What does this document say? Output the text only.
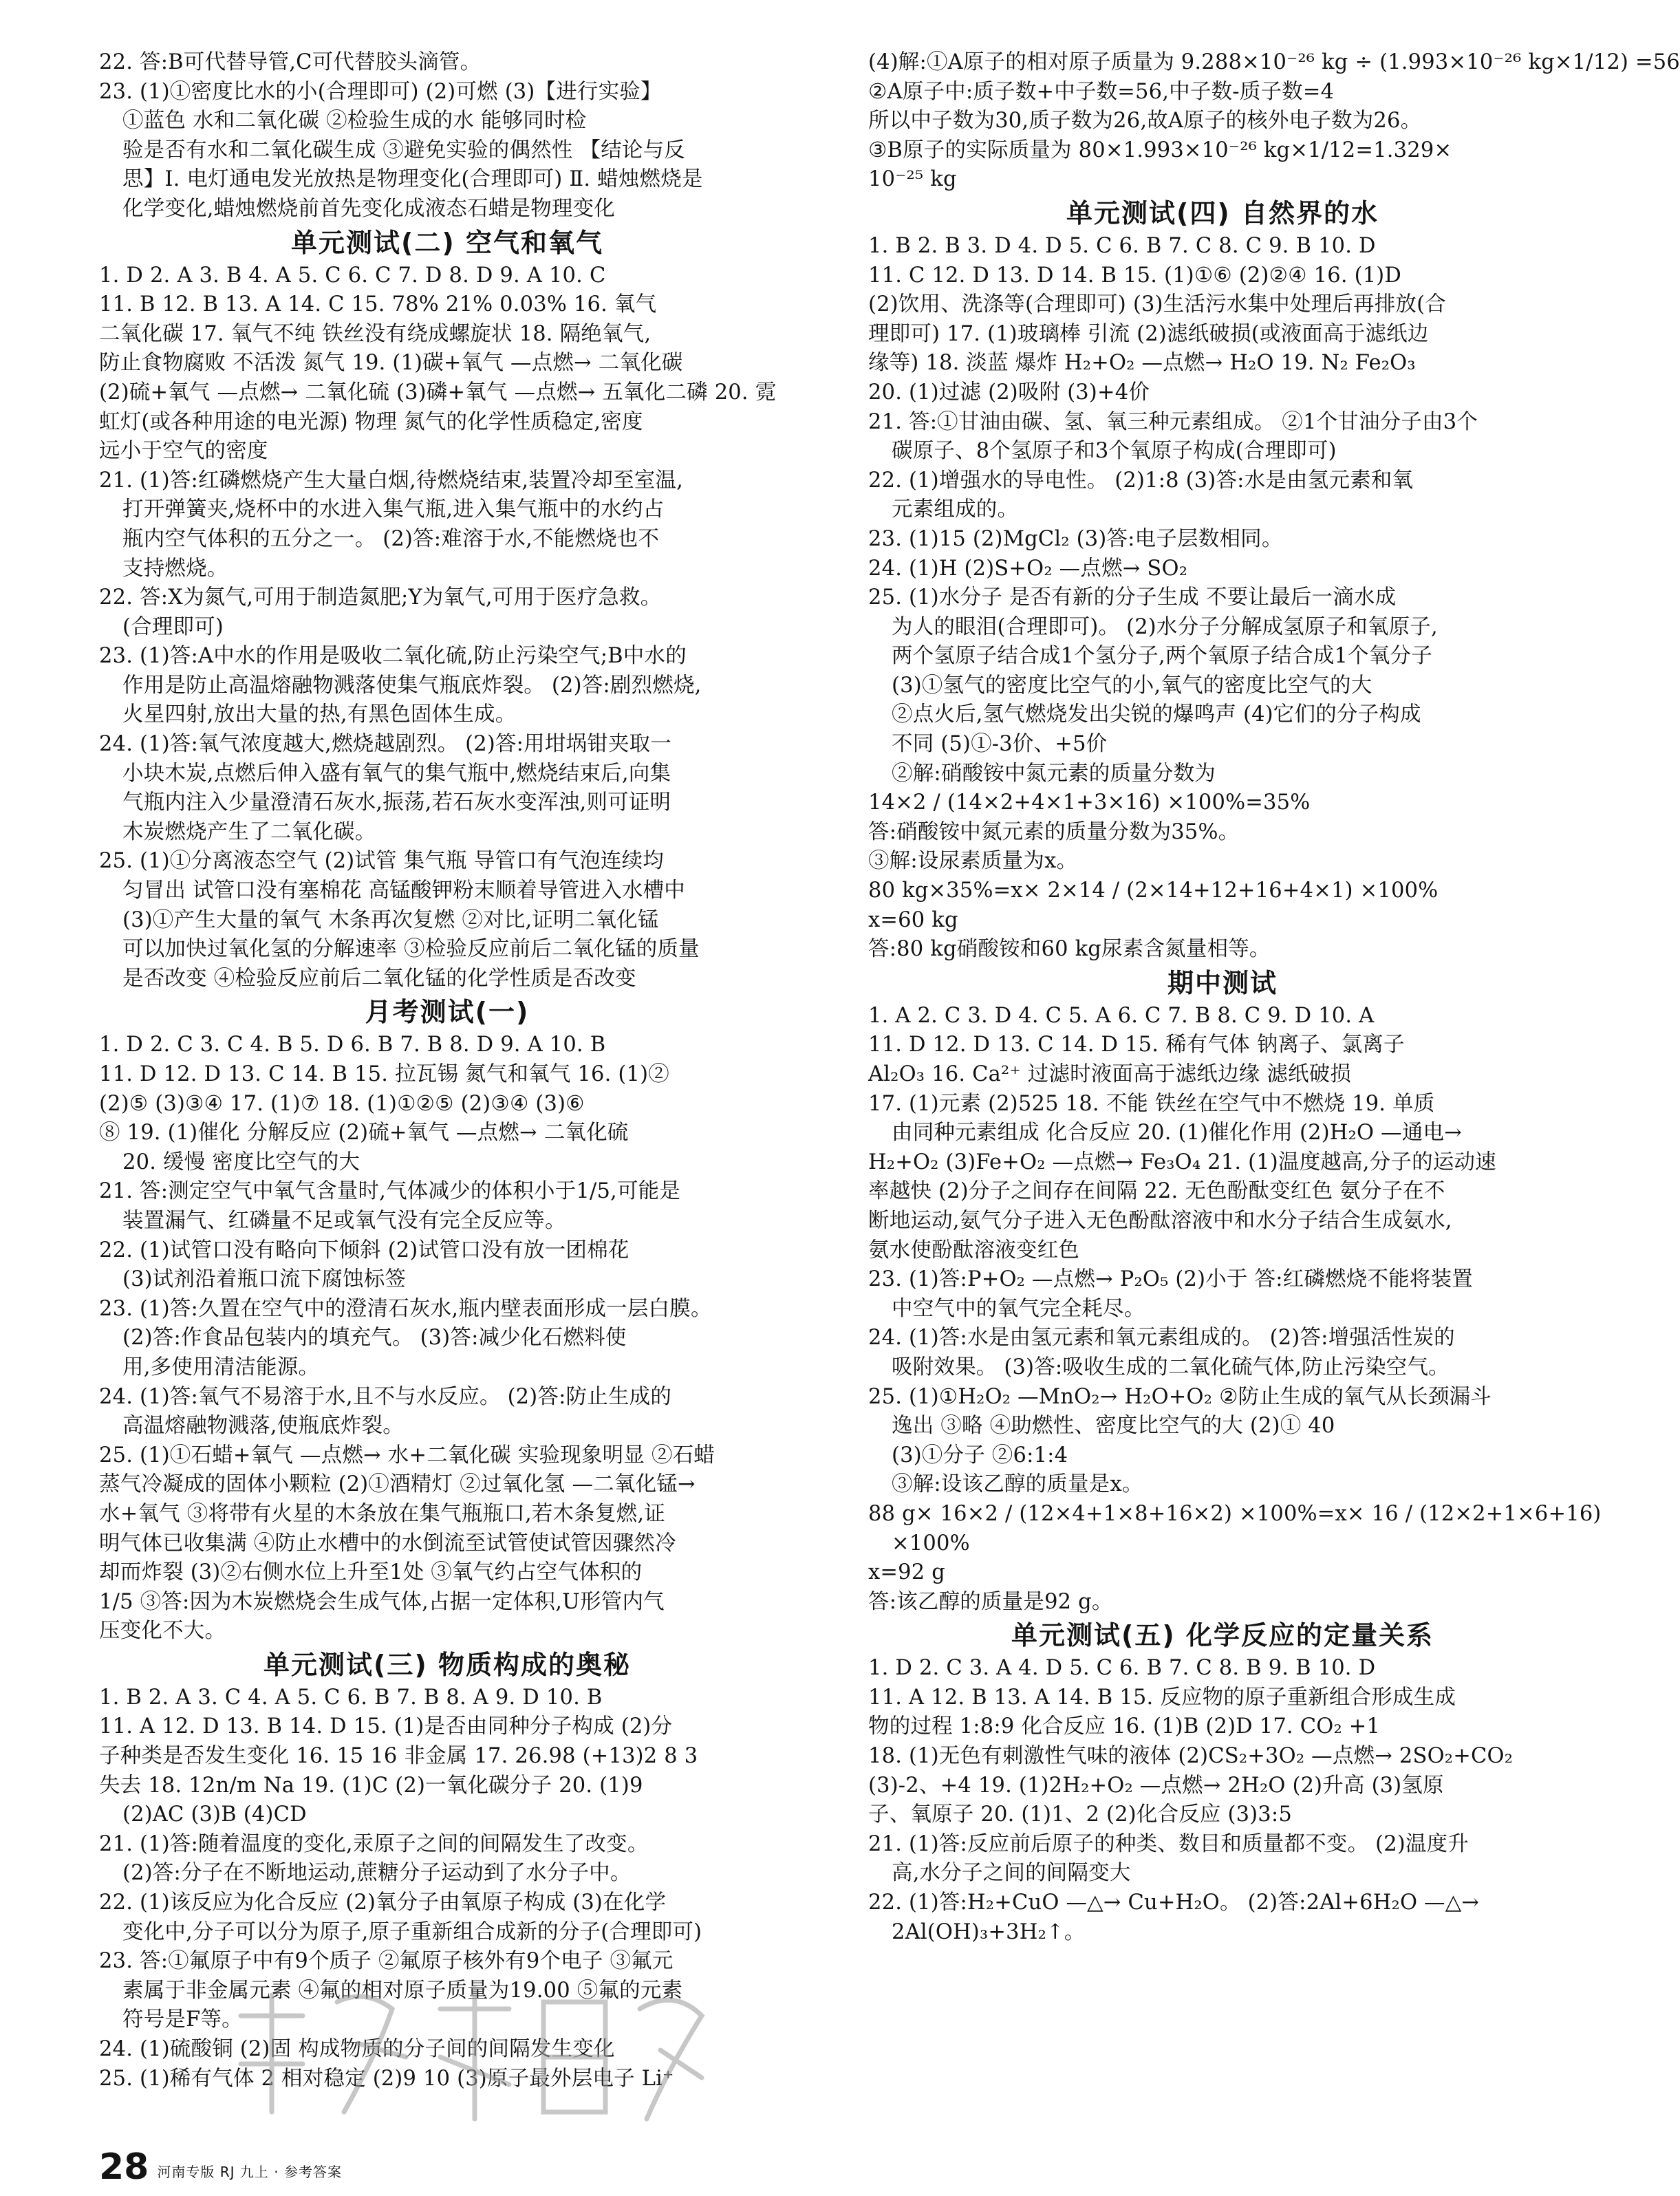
22. 答:B可代替导管,C可代替胶头滴管。
23. (1)①密度比水的小(合理即可) (2)可燃 (3)【进行实验】
①蓝色 水和二氧化碳 ②检验生成的水 能够同时检
验是否有水和二氧化碳生成 ③避免实验的偶然性 【结论与反
思】Ⅰ. 电灯通电发光放热是物理变化(合理即可) Ⅱ. 蜡烛燃烧是
化学变化,蜡烛燃烧前首先变化成液态石蜡是物理变化
单元测试(二) 空气和氧气
1. D 2. A 3. B 4. A 5. C 6. C 7. D 8. D 9. A 10. C
11. B 12. B 13. A 14. C 15. 78% 21% 0.03% 16. 氧气
二氧化碳 17. 氧气不纯 铁丝没有绕成螺旋状 18. 隔绝氧气,
防止食物腐败 不活泼 氮气 19. (1)碳+氧气 —点燃→ 二氧化碳
(2)硫+氧气 —点燃→ 二氧化硫 (3)磷+氧气 —点燃→ 五氧化二磷 20. 霓
虹灯(或各种用途的电光源) 物理 氮气的化学性质稳定,密度
远小于空气的密度
21. (1)答:红磷燃烧产生大量白烟,待燃烧结束,装置冷却至室温,
打开弹簧夹,烧杯中的水进入集气瓶,进入集气瓶中的水约占
瓶内空气体积的五分之一。 (2)答:难溶于水,不能燃烧也不
支持燃烧。
22. 答:X为氮气,可用于制造氮肥;Y为氧气,可用于医疗急救。
(合理即可)
23. (1)答:A中水的作用是吸收二氧化硫,防止污染空气;B中水的
作用是防止高温熔融物溅落使集气瓶底炸裂。 (2)答:剧烈燃烧,
火星四射,放出大量的热,有黑色固体生成。
24. (1)答:氧气浓度越大,燃烧越剧烈。 (2)答:用坩埚钳夹取一
小块木炭,点燃后伸入盛有氧气的集气瓶中,燃烧结束后,向集
气瓶内注入少量澄清石灰水,振荡,若石灰水变浑浊,则可证明
木炭燃烧产生了二氧化碳。
25. (1)①分离液态空气 (2)试管 集气瓶 导管口有气泡连续均
匀冒出 试管口没有塞棉花 高锰酸钾粉末顺着导管进入水槽中
(3)①产生大量的氧气 木条再次复燃 ②对比,证明二氧化锰
可以加快过氧化氢的分解速率 ③检验反应前后二氧化锰的质量
是否改变 ④检验反应前后二氧化锰的化学性质是否改变
月考测试(一)
1. D 2. C 3. C 4. B 5. D 6. B 7. B 8. D 9. A 10. B
11. D 12. D 13. C 14. B 15. 拉瓦锡 氮气和氧气 16. (1)②
(2)⑤ (3)③④ 17. (1)⑦ 18. (1)①②⑤ (2)③④ (3)⑥
⑧ 19. (1)催化 分解反应 (2)硫+氧气 —点燃→ 二氧化硫
20. 缓慢 密度比空气的大
21. 答:测定空气中氧气含量时,气体减少的体积小于1/5,可能是
装置漏气、红磷量不足或氧气没有完全反应等。
22. (1)试管口没有略向下倾斜 (2)试管口没有放一团棉花
(3)试剂沿着瓶口流下腐蚀标签
23. (1)答:久置在空气中的澄清石灰水,瓶内壁表面形成一层白膜。
(2)答:作食品包装内的填充气。 (3)答:减少化石燃料使
用,多使用清洁能源。
24. (1)答:氧气不易溶于水,且不与水反应。 (2)答:防止生成的
高温熔融物溅落,使瓶底炸裂。
25. (1)①石蜡+氧气 —点燃→ 水+二氧化碳 实验现象明显 ②石蜡
蒸气冷凝成的固体小颗粒 (2)①酒精灯 ②过氧化氢 —二氧化锰→
水+氧气 ③将带有火星的木条放在集气瓶瓶口,若木条复燃,证
明气体已收集满 ④防止水槽中的水倒流至试管使试管因骤然冷
却而炸裂 (3)②右侧水位上升至1处 ③氧气约占空气体积的
1/5 ③答:因为木炭燃烧会生成气体,占据一定体积,U形管内气
压变化不大。
单元测试(三) 物质构成的奥秘
1. B 2. A 3. C 4. A 5. C 6. B 7. B 8. A 9. D 10. B
11. A 12. D 13. B 14. D 15. (1)是否由同种分子构成 (2)分
子种类是否发生变化 16. 15 16 非金属 17. 26.98 (+13)2 8 3
失去 18. 12n/m Na 19. (1)C (2)一氧化碳分子 20. (1)9
(2)AC (3)B (4)CD
21. (1)答:随着温度的变化,汞原子之间的间隔发生了改变。
(2)答:分子在不断地运动,蔗糖分子运动到了水分子中。
22. (1)该反应为化合反应 (2)氧分子由氧原子构成 (3)在化学
变化中,分子可以分为原子,原子重新组合成新的分子(合理即可)
23. 答:①氟原子中有9个质子 ②氟原子核外有9个电子 ③氟元
素属于非金属元素 ④氟的相对原子质量为19.00 ⑤氟的元素
符号是F等。
24. (1)硫酸铜 (2)固 构成物质的分子间的间隔发生变化
25. (1)稀有气体 2 相对稳定 (2)9 10 (3)原子最外层电子 Li⁺
(4)解:①A原子的相对原子质量为 9.288×10⁻²⁶ kg ÷ (1.993×10⁻²⁶ kg×1/12) =56
②A原子中:质子数+中子数=56,中子数-质子数=4
所以中子数为30,质子数为26,故A原子的核外电子数为26。
③B原子的实际质量为 80×1.993×10⁻²⁶ kg×1/12=1.329×
10⁻²⁵ kg
单元测试(四) 自然界的水
1. B 2. B 3. D 4. D 5. C 6. B 7. C 8. C 9. B 10. D
11. C 12. D 13. D 14. B 15. (1)①⑥ (2)②④ 16. (1)D
(2)饮用、洗涤等(合理即可) (3)生活污水集中处理后再排放(合
理即可) 17. (1)玻璃棒 引流 (2)滤纸破损(或液面高于滤纸边
缘等) 18. 淡蓝 爆炸 H₂+O₂ —点燃→ H₂O 19. N₂ Fe₂O₃
20. (1)过滤 (2)吸附 (3)+4价
21. 答:①甘油由碳、氢、氧三种元素组成。 ②1个甘油分子由3个
碳原子、8个氢原子和3个氧原子构成(合理即可)
22. (1)增强水的导电性。 (2)1:8 (3)答:水是由氢元素和氧
元素组成的。
23. (1)15 (2)MgCl₂ (3)答:电子层数相同。
24. (1)H (2)S+O₂ —点燃→ SO₂
25. (1)水分子 是否有新的分子生成 不要让最后一滴水成
为人的眼泪(合理即可)。 (2)水分子分解成氢原子和氧原子,
两个氢原子结合成1个氢分子,两个氧原子结合成1个氧分子
(3)①氢气的密度比空气的小,氧气的密度比空气的大
②点火后,氢气燃烧发出尖锐的爆鸣声 (4)它们的分子构成
不同 (5)①-3价、+5价
②解:硝酸铵中氮元素的质量分数为
14×2 / (14×2+4×1+3×16) ×100%=35%
答:硝酸铵中氮元素的质量分数为35%。
③解:设尿素质量为x。
80 kg×35%=x× 2×14 / (2×14+12+16+4×1) ×100%
x=60 kg
答:80 kg硝酸铵和60 kg尿素含氮量相等。
期中测试
1. A 2. C 3. D 4. C 5. A 6. C 7. B 8. C 9. D 10. A
11. D 12. D 13. C 14. D 15. 稀有气体 钠离子、氯离子
Al₂O₃ 16. Ca²⁺ 过滤时液面高于滤纸边缘 滤纸破损
17. (1)元素 (2)525 18. 不能 铁丝在空气中不燃烧 19. 单质
由同种元素组成 化合反应 20. (1)催化作用 (2)H₂O —通电→
H₂+O₂ (3)Fe+O₂ —点燃→ Fe₃O₄ 21. (1)温度越高,分子的运动速
率越快 (2)分子之间存在间隔 22. 无色酚酞变红色 氨分子在不
断地运动,氨气分子进入无色酚酞溶液中和水分子结合生成氨水,
氨水使酚酞溶液变红色
23. (1)答:P+O₂ —点燃→ P₂O₅ (2)小于 答:红磷燃烧不能将装置
中空气中的氧气完全耗尽。
24. (1)答:水是由氢元素和氧元素组成的。 (2)答:增强活性炭的
吸附效果。 (3)答:吸收生成的二氧化硫气体,防止污染空气。
25. (1)①H₂O₂ —MnO₂→ H₂O+O₂ ②防止生成的氧气从长颈漏斗
逸出 ③略 ④助燃性、密度比空气的大 (2)① 40
(3)①分子 ②6:1:4
③解:设该乙醇的质量是x。
88 g× 16×2 / (12×4+1×8+16×2) ×100%=x× 16 / (12×2+1×6+16)
×100%
x=92 g
答:该乙醇的质量是92 g。
单元测试(五) 化学反应的定量关系
1. D 2. C 3. A 4. D 5. C 6. B 7. C 8. B 9. B 10. D
11. A 12. B 13. A 14. B 15. 反应物的原子重新组合形成生成
物的过程 1:8:9 化合反应 16. (1)B (2)D 17. CO₂ +1
18. (1)无色有刺激性气味的液体 (2)CS₂+3O₂ —点燃→ 2SO₂+CO₂
(3)-2、+4 19. (1)2H₂+O₂ —点燃→ 2H₂O (2)升高 (3)氢原
子、氧原子 20. (1)1、2 (2)化合反应 (3)3:5
21. (1)答:反应前后原子的种类、数目和质量都不变。 (2)温度升
高,水分子之间的间隔变大
22. (1)答:H₂+CuO —△→ Cu+H₂O。 (2)答:2Al+6H₂O —△→
2Al(OH)₃+3H₂↑。
28 河南专版 RJ 九上 · 参考答案
